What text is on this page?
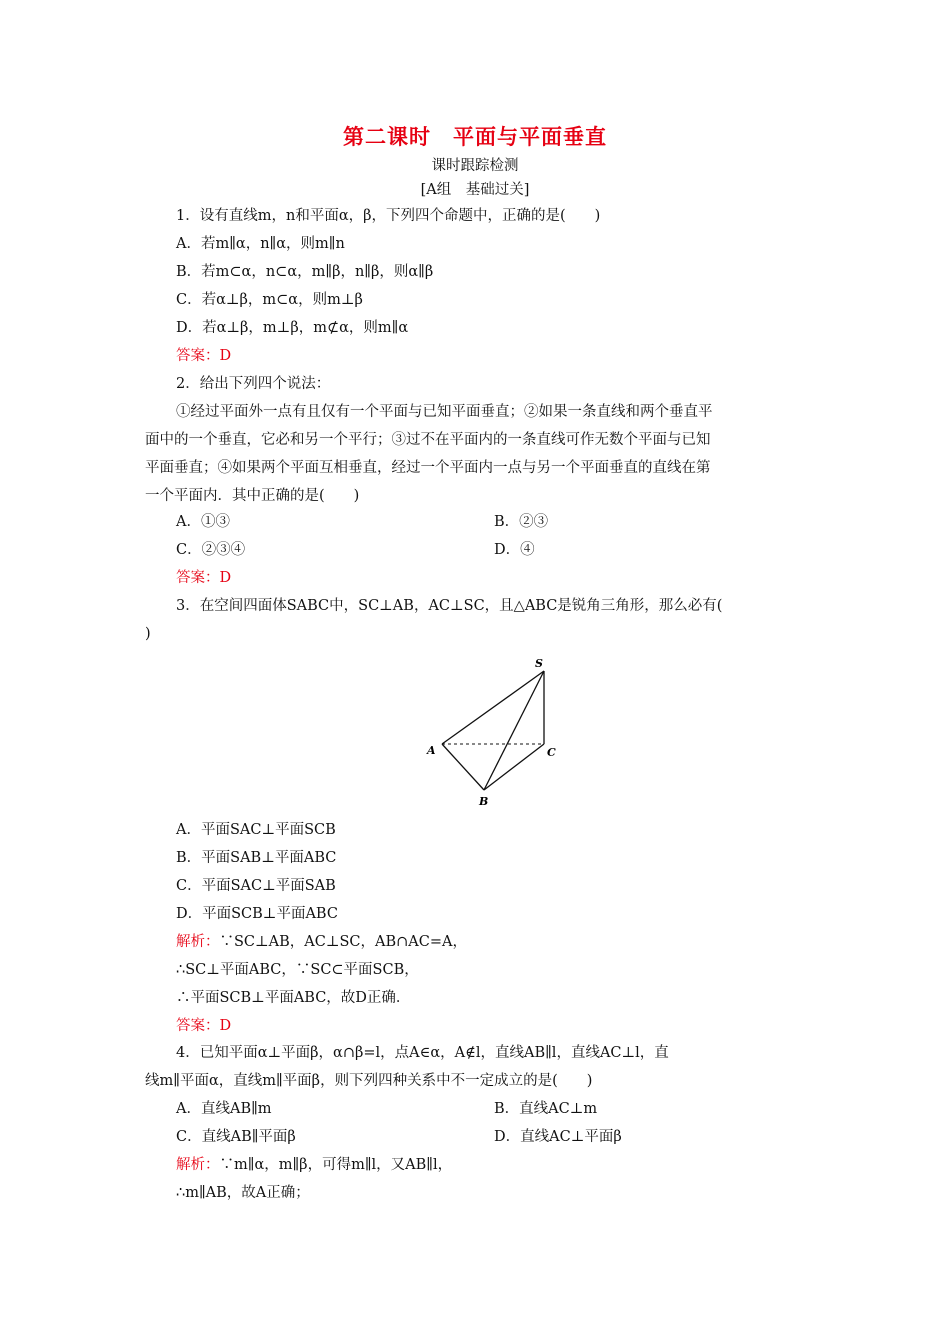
第二课时　平面与平面垂直
课时跟踪检测
[A组　基础过关]
1．设有直线m，n和平面α，β，下列四个命题中，正确的是(　　)
A．若m∥α，n∥α，则m∥n
B．若m⊂α，n⊂α，m∥β，n∥β，则α∥β
C．若α⊥β，m⊂α，则m⊥β
D．若α⊥β，m⊥β，m⊄α，则m∥α
答案：D
2．给出下列四个说法：
①经过平面外一点有且仅有一个平面与已知平面垂直；②如果一条直线和两个垂直平
面中的一个垂直，它必和另一个平行；③过不在平面内的一条直线可作无数个平面与已知
平面垂直；④如果两个平面互相垂直，经过一个平面内一点与另一个平面垂直的直线在第
一个平面内．其中正确的是(　　)
A．①③	B．②③
C．②③④	D．④
答案：D
3．在空间四面体SABC中，SC⊥AB，AC⊥SC，且△ABC是锐角三角形，那么必有(
)
S
A	C
B
A．平面SAC⊥平面SCB
B．平面SAB⊥平面ABC
C．平面SAC⊥平面SAB
D．平面SCB⊥平面ABC
解析：∵SC⊥AB，AC⊥SC，AB∩AC=A，
∴SC⊥平面ABC，∵SC⊂平面SCB，
∴平面SCB⊥平面ABC，故D正确．
答案：D
4．已知平面α⊥平面β，α∩β=l，点A∈α，A∉l，直线AB∥l，直线AC⊥l，直
线m∥平面α，直线m∥平面β，则下列四种关系中不一定成立的是(　　)
A．直线AB∥m	B．直线AC⊥m
C．直线AB∥平面β	D．直线AC⊥平面β
解析：∵m∥α，m∥β，可得m∥l，又AB∥l，
∴m∥AB，故A正确；
